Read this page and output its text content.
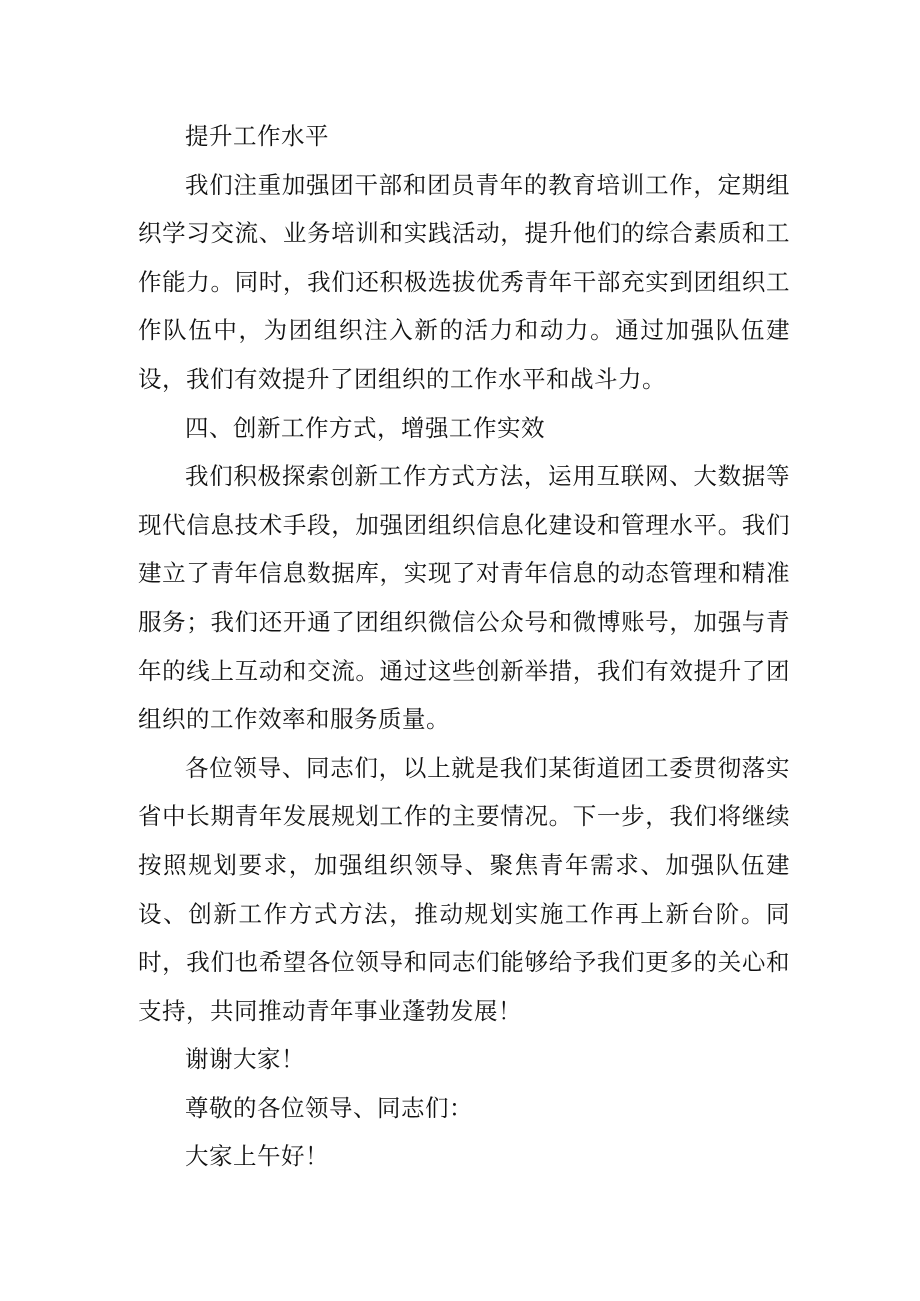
提升工作水平

我们注重加强团干部和团员青年的教育培训工作，定期组织学习交流、业务培训和实践活动，提升他们的综合素质和工作能力。同时，我们还积极选拔优秀青年干部充实到团组织工作队伍中，为团组织注入新的活力和动力。通过加强队伍建设，我们有效提升了团组织的工作水平和战斗力。

四、创新工作方式，增强工作实效

我们积极探索创新工作方式方法，运用互联网、大数据等现代信息技术手段，加强团组织信息化建设和管理水平。我们建立了青年信息数据库，实现了对青年信息的动态管理和精准服务；我们还开通了团组织微信公众号和微博账号，加强与青年的线上互动和交流。通过这些创新举措，我们有效提升了团组织的工作效率和服务质量。

各位领导、同志们，以上就是我们某街道团工委贯彻落实省中长期青年发展规划工作的主要情况。下一步，我们将继续按照规划要求，加强组织领导、聚焦青年需求、加强队伍建设、创新工作方式方法，推动规划实施工作再上新台阶。同时，我们也希望各位领导和同志们能够给予我们更多的关心和支持，共同推动青年事业蓬勃发展！

谢谢大家！

尊敬的各位领导、同志们：

大家上午好！
